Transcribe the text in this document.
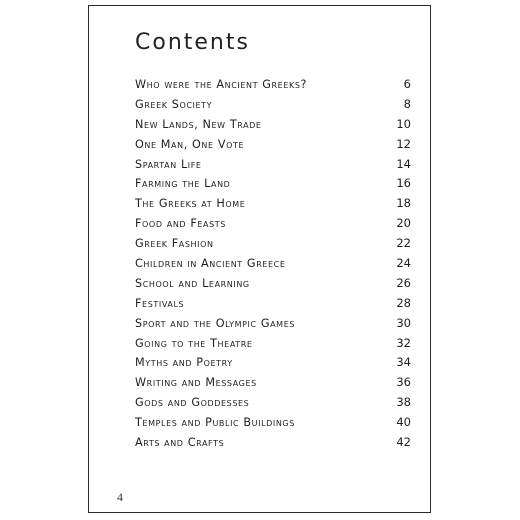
Contents
Who were the Ancient Greeks?	6
Greek Society	8
New Lands, New Trade	10
One Man, One Vote	12
Spartan Life	14
Farming the Land	16
The Greeks at Home	18
Food and Feasts	20
Greek Fashion	22
Children in Ancient Greece	24
School and Learning	26
Festivals	28
Sport and the Olympic Games	30
Going to the Theatre	32
Myths and Poetry	34
Writing and Messages	36
Gods and Goddesses	38
Temples and Public Buildings	40
Arts and Crafts	42
4
